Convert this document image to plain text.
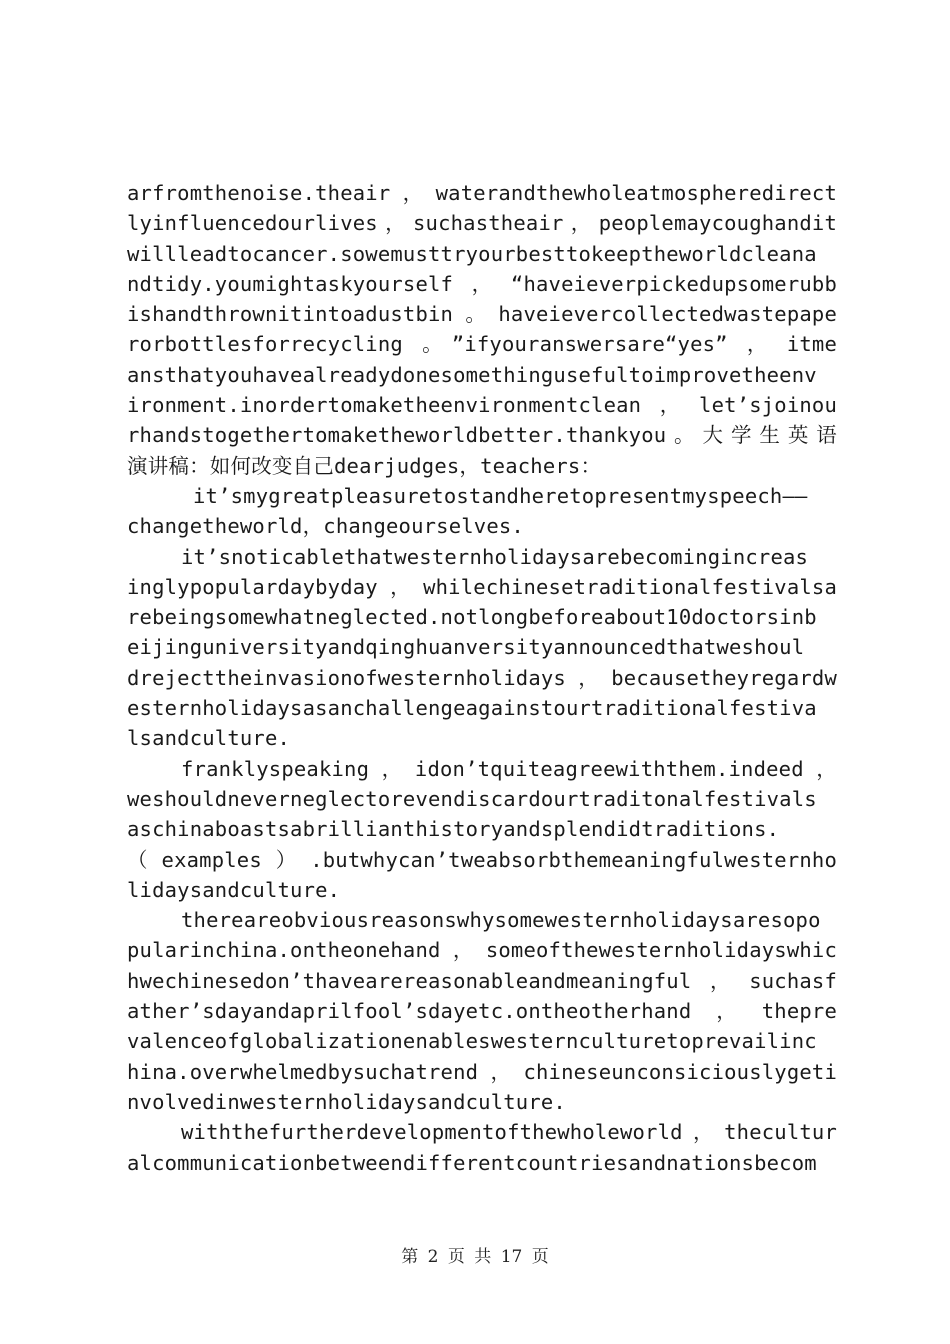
arfromthenoise.theair，waterandthewholeatmospheredirect
lyinfluencedourlives，suchastheair，peoplemaycoughandit
willleadtocancer.sowemusttryourbesttokeeptheworldcleana
ndtidy.youmightaskyourself，“haveieverpickedupsomerubb
ishandthrownitintoadustbin。haveievercollectedwastepape
rorbottlesforrecycling。”ifyouranswersare“yes”，itme
ansthatyouhavealreadydonesomethingusefultoimprovetheenv
ironment.inordertomaketheenvironmentclean，let’sjoinou
rhandstogethertomaketheworldbetter.thankyou。大学生英语
演讲稿：如何改变自己dearjudges，teachers：
it’smygreatpleasuretostandheretopresentmyspeech——
changetheworld，changeourselves.
it’snoticablethatwesternholidaysarebecomingincreas
inglypopulardaybyday，whilechinesetraditionalfestivalsa
rebeingsomewhatneglected.notlongbeforeabout10doctorsinb
eijinguniversityandqinghuanversityannouncedthatweshoul
drejecttheinvasionofwesternholidays，becausetheyregardw
esternholidaysasanchallengeagainstourtraditionalfestiva
lsandculture.
franklyspeaking，idon’tquiteagreewiththem.indeed，
weshouldneverneglectorevendiscardourtraditonalfestivals
aschinaboastsabrillianthistoryandsplendidtraditions.
（examples）.butwhycan’tweabsorbthemeaningfulwesternho
lidaysandculture.
thereareobviousreasonswhysomewesternholidaysaresopo
pularinchina.ontheonehand，someofthewesternholidayswhic
hwechinesedon’thavearereasonableandmeaningful，suchasf
ather’sdayandaprilfool’sdayetc.ontheotherhand，thepre
valenceofglobalizationenableswesternculturetoprevailinc
hina.overwhelmedbysuchatrend，chineseunconsiciouslygeti
nvolvedinwesternholidaysandculture.
withthefurtherdevelopmentofthewholeworld，thecultur
alcommunicationbetweendifferentcountriesandnationsbecom
第 2 页 共 17 页
